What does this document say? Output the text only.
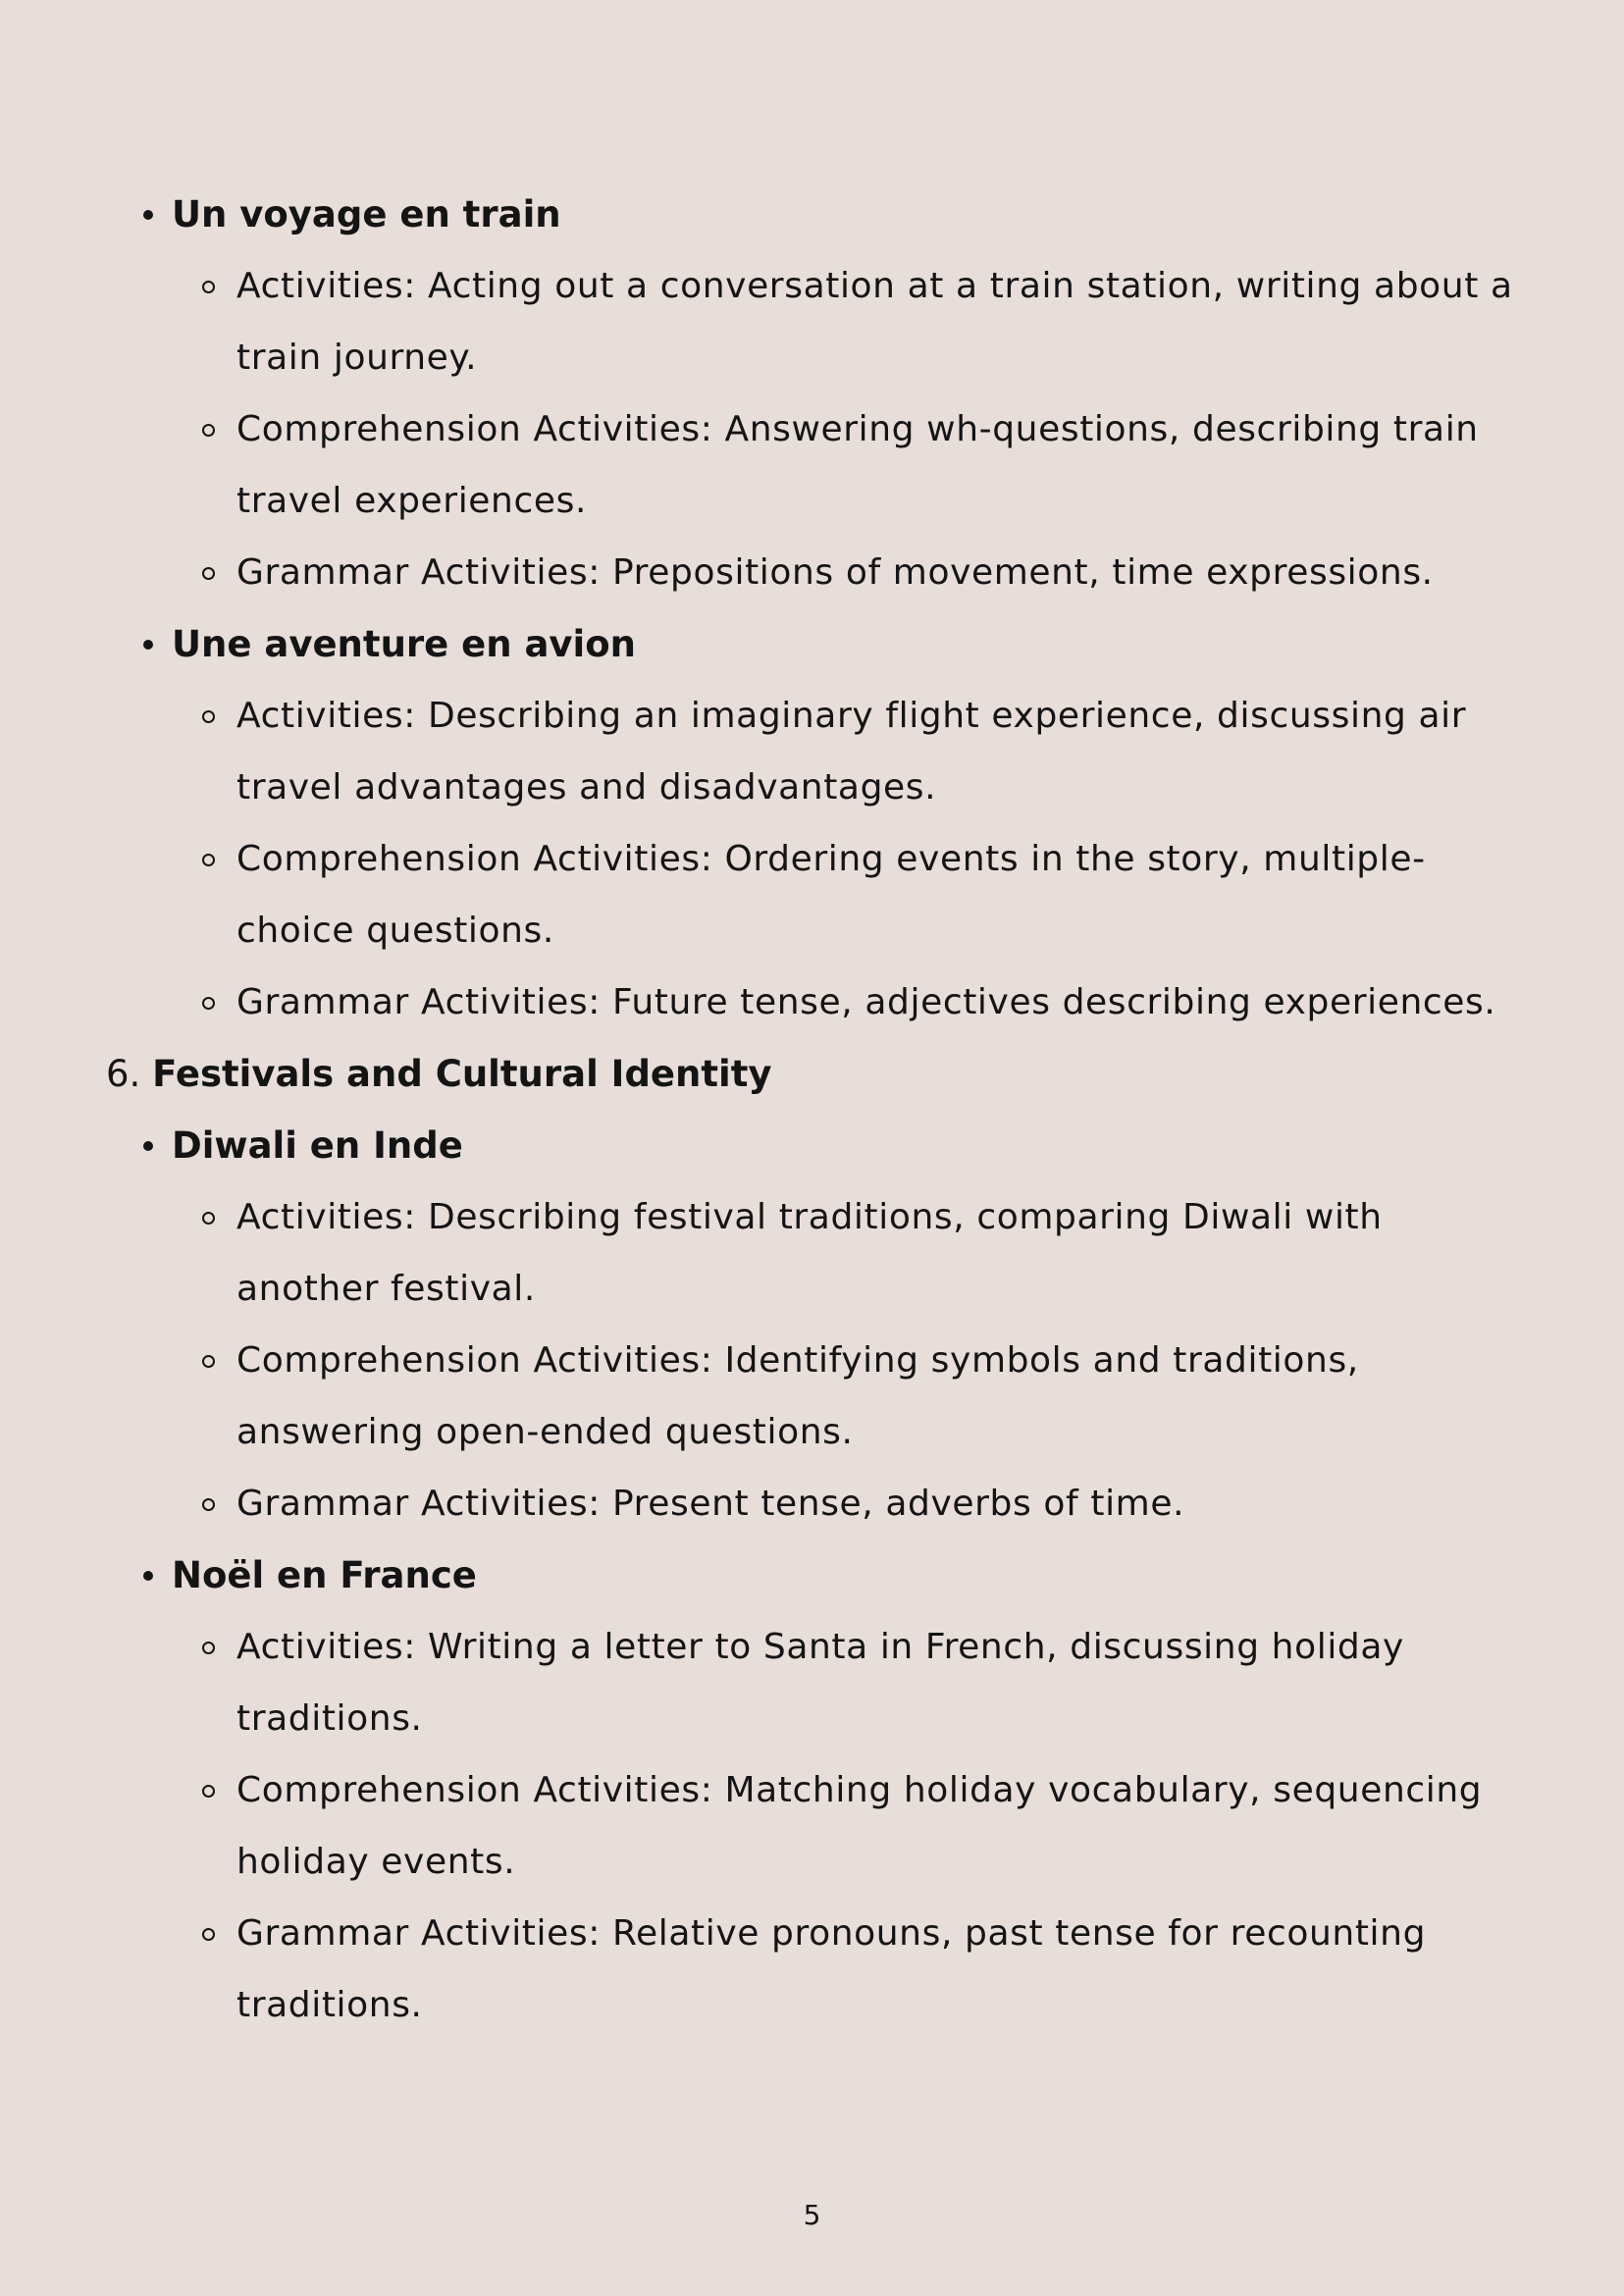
Un voyage en train
Activities: Acting out a conversation at a train station, writing about a train journey.
Comprehension Activities: Answering wh-questions, describing train travel experiences.
Grammar Activities: Prepositions of movement, time expressions.
Une aventure en avion
Activities: Describing an imaginary flight experience, discussing air travel advantages and disadvantages.
Comprehension Activities: Ordering events in the story, multiple-choice questions.
Grammar Activities: Future tense, adjectives describing experiences.
6. Festivals and Cultural Identity
Diwali en Inde
Activities: Describing festival traditions, comparing Diwali with another festival.
Comprehension Activities: Identifying symbols and traditions, answering open-ended questions.
Grammar Activities: Present tense, adverbs of time.
Noël en France
Activities: Writing a letter to Santa in French, discussing holiday traditions.
Comprehension Activities: Matching holiday vocabulary, sequencing holiday events.
Grammar Activities: Relative pronouns, past tense for recounting traditions.
5
